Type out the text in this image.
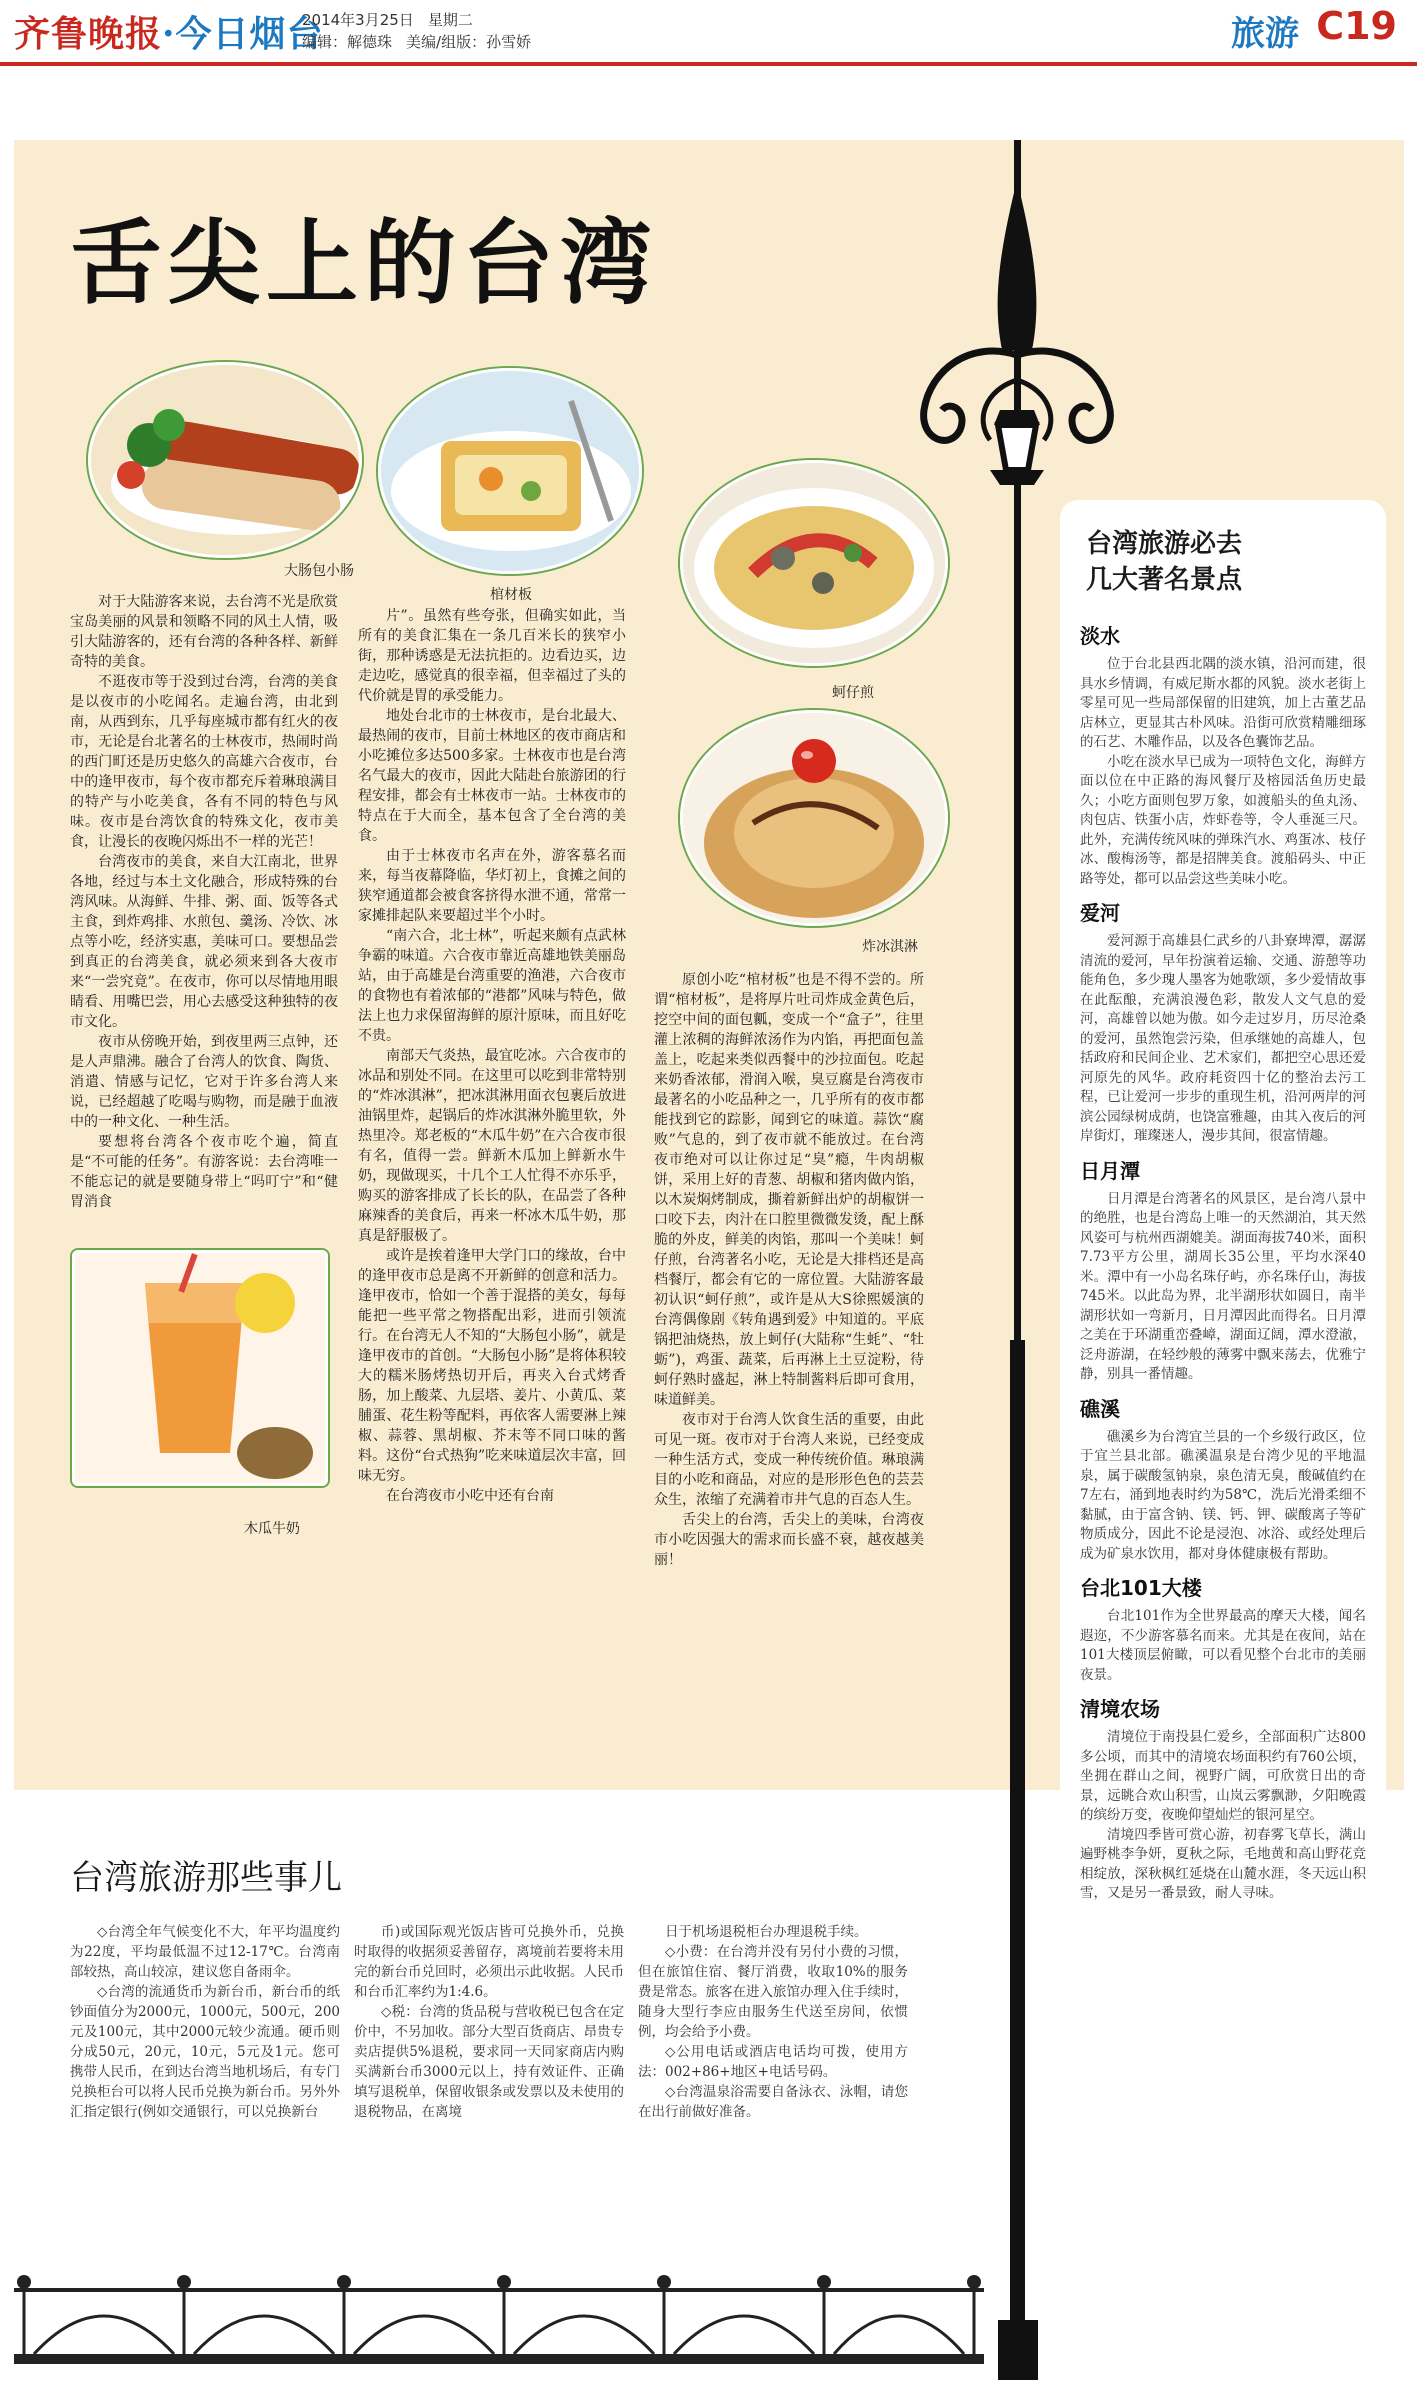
齐鲁晚报·今日烟台
2014年3月25日 星期二
编辑：解德珠 美编/组版：孙雪娇	旅游 C19
舌尖上的台湾
大肠包小肠
棺材板
蚵仔煎
炸冰淇淋

对于大陆游客来说，去台湾不光是欣赏宝岛美丽的风景和领略不同的风土人情，吸引大陆游客的，还有台湾的各种各样、新鲜奇特的美食。

不逛夜市等于没到过台湾，台湾的美食是以夜市的小吃闻名。走遍台湾，由北到南，从西到东，几乎每座城市都有红火的夜市，无论是台北著名的士林夜市，热闹时尚的西门町还是历史悠久的高雄六合夜市，台中的逢甲夜市，每个夜市都充斥着琳琅满目的特产与小吃美食，各有不同的特色与风味。夜市是台湾饮食的特殊文化，夜市美食，让漫长的夜晚闪烁出不一样的光芒！

台湾夜市的美食，来自大江南北，世界各地，经过与本土文化融合，形成特殊的台湾风味。从海鲜、牛排、粥、面、饭等各式主食，到炸鸡排、水煎包、羹汤、冷饮、冰点等小吃，经济实惠，美味可口。要想品尝到真正的台湾美食，就必须来到各大夜市来“一尝究竟”。在夜市，你可以尽情地用眼睛看、用嘴巴尝，用心去感受这种独特的夜市文化。

夜市从傍晚开始，到夜里两三点钟，还是人声鼎沸。融合了台湾人的饮食、陶货、消遣、情感与记忆，它对于许多台湾人来说，已经超越了吃喝与购物，而是融于血液中的一种文化、一种生活。

要想将台湾各个夜市吃个遍，简直是“不可能的任务”。有游客说：去台湾唯一不能忘记的就是要随身带上“吗叮宁”和“健胃消食

木瓜牛奶

片”。虽然有些夸张，但确实如此，当所有的美食汇集在一条几百米长的狭窄小街，那种诱惑是无法抗拒的。边看边买，边走边吃，感觉真的很幸福，但幸福过了头的代价就是胃的承受能力。

地处台北市的士林夜市，是台北最大、最热闹的夜市，目前士林地区的夜市商店和小吃摊位多达500多家。士林夜市也是台湾名气最大的夜市，因此大陆赴台旅游团的行程安排，都会有士林夜市一站。士林夜市的特点在于大而全，基本包含了全台湾的美食。

由于士林夜市名声在外，游客慕名而来，每当夜幕降临，华灯初上，食摊之间的狭窄通道都会被食客挤得水泄不通，常常一家摊排起队来要超过半个小时。

“南六合，北士林”，听起来颇有点武林争霸的味道。六合夜市靠近高雄地铁美丽岛站，由于高雄是台湾重要的渔港，六合夜市的食物也有着浓郁的“港都”风味与特色，做法上也力求保留海鲜的原汁原味，而且好吃不贵。

南部天气炎热，最宜吃冰。六合夜市的冰品和别处不同。在这里可以吃到非常特别的“炸冰淇淋”，把冰淇淋用面衣包裹后放进油锅里炸，起锅后的炸冰淇淋外脆里软，外热里冷。郑老板的“木瓜牛奶”在六合夜市很有名，值得一尝。鲜新木瓜加上鲜新水牛奶，现做现买，十几个工人忙得不亦乐乎，购买的游客排成了长长的队，在品尝了各种麻辣香的美食后，再来一杯冰木瓜牛奶，那真是舒服极了。

或许是挨着逢甲大学门口的缘故，台中的逢甲夜市总是离不开新鲜的创意和活力。逢甲夜市，恰如一个善于混搭的美女，每每能把一些平常之物搭配出彩，进而引领流行。在台湾无人不知的“大肠包小肠”，就是逢甲夜市的首创。“大肠包小肠”是将体积较大的糯米肠烤热切开后，再夹入台式烤香肠，加上酸菜、九层塔、姜片、小黄瓜、菜脯蛋、花生粉等配料，再依客人需要淋上辣椒、蒜蓉、黑胡椒、芥末等不同口味的酱料。这份“台式热狗”吃来味道层次丰富，回味无穷。

在台湾夜市小吃中还有台南

原创小吃“棺材板”也是不得不尝的。所谓“棺材板”，是将厚片吐司炸成金黄色后，挖空中间的面包瓤，变成一个“盒子”，往里灌上浓稠的海鲜浓汤作为内馅，再把面包盖盖上，吃起来类似西餐中的沙拉面包。吃起来奶香浓郁，滑润入喉，臭豆腐是台湾夜市最著名的小吃品种之一，几乎所有的夜市都能找到它的踪影，闻到它的味道。蒜饮“腐败”气息的，到了夜市就不能放过。在台湾夜市绝对可以让你过足“臭”瘾，牛肉胡椒饼，采用上好的青葱、胡椒和猪肉做内馅，以木炭焖烤制成，撕着新鲜出炉的胡椒饼一口咬下去，肉汁在口腔里微微发烫，配上酥脆的外皮，鲜美的肉馅，那叫一个美味！蚵仔煎，台湾著名小吃，无论是大排档还是高档餐厅，都会有它的一席位置。大陆游客最初认识“蚵仔煎”，或许是从大S徐熙媛演的台湾偶像剧《转角遇到爱》中知道的。平底锅把油烧热，放上蚵仔(大陆称“生蚝”、“牡蛎”)，鸡蛋、蔬菜，后再淋上土豆淀粉，待蚵仔熟时盛起，淋上特制酱料后即可食用，味道鲜美。

夜市对于台湾人饮食生活的重要，由此可见一斑。夜市对于台湾人来说，已经变成一种生活方式，变成一种传统价值。琳琅满目的小吃和商品，对应的是形形色色的芸芸众生，浓缩了充满着市井气息的百态人生。

舌尖上的台湾，舌尖上的美味，台湾夜市小吃因强大的需求而长盛不衰，越夜越美丽！

台湾旅游必去
几大著名景点
淡水

位于台北县西北隅的淡水镇，沿河而建，很具水乡情调，有威尼斯水都的风貌。淡水老街上零星可见一些局部保留的旧建筑，加上古董艺品店林立，更显其古朴风味。沿街可欣赏精雕细琢的石艺、木雕作品，以及各色囊饰艺品。

小吃在淡水早已成为一项特色文化，海鲜方面以位在中正路的海风餐厅及榕园活鱼历史最久；小吃方面则包罗万象，如渡船头的鱼丸汤、肉包店、铁蛋小店，炸虾卷等，令人垂涎三尺。此外，充满传统风味的弹珠汽水、鸡蛋冰、枝仔冰、酸梅汤等，都是招牌美食。渡船码头、中正路等处，都可以品尝这些美味小吃。

爱河

爱河源于高雄县仁武乡的八卦寮埤潭，潺潺清流的爱河，早年扮演着运输、交通、游憩等功能角色，多少瑰人墨客为她歌颂，多少爱情故事在此酝酿，充满浪漫色彩，散发人文气息的爱河，高雄曾以她为傲。如今走过岁月，历尽沧桑的爱河，虽然饱尝污染，但承继她的高雄人，包括政府和民间企业、艺术家们，都把空心思还爱河原先的风华。政府耗资四十亿的整治去污工程，已让爱河一步步的重现生机，沿河两岸的河滨公园绿树成荫，也饶富雅趣，由其入夜后的河岸街灯，璀璨迷人，漫步其间，很富情趣。

日月潭

日月潭是台湾著名的风景区，是台湾八景中的绝胜，也是台湾岛上唯一的天然湖泊，其天然风姿可与杭州西湖媲美。湖面海拔740米，面积7.73平方公里，湖周长35公里，平均水深40米。潭中有一小岛名珠仔屿，亦名珠仔山，海拔745米。以此岛为界，北半湖形状如圆日，南半湖形状如一弯新月，日月潭因此而得名。日月潭之美在于环湖重峦叠嶂，湖面辽阔，潭水澄澈，泛舟游湖，在轻纱般的薄雾中飘来荡去，优雅宁静，别具一番情趣。

礁溪

礁溪乡为台湾宜兰县的一个乡级行政区，位于宜兰县北部。礁溪温泉是台湾少见的平地温泉，属于碳酸氢钠泉，泉色清无臭，酸碱值约在7左右，涌到地表时约为58℃，洗后光滑柔细不黏腻，由于富含钠、镁、钙、钾、碳酸离子等矿物质成分，因此不论是浸泡、冰浴、或经处理后成为矿泉水饮用，都对身体健康极有帮助。

台北101大楼

台北101作为全世界最高的摩天大楼，闻名遐迩，不少游客慕名而来。尤其是在夜间，站在101大楼顶层俯瞰，可以看见整个台北市的美丽夜景。

清境农场

清境位于南投县仁爱乡，全部面积广达800多公顷，而其中的清境农场面积约有760公顷，坐拥在群山之间，视野广阔，可欣赏日出的奇景，远眺合欢山积雪，山岚云雾飘渺，夕阳晚霞的缤纷万变，夜晚仰望灿烂的银河星空。

清境四季皆可赏心游，初春雾飞草长，满山遍野桃李争妍，夏秋之际，毛地黄和高山野花竞相绽放，深秋枫红延烧在山麓水涯，冬天远山积雪，又是另一番景致，耐人寻味。

台湾旅游那些事儿

◇台湾全年气候变化不大，年平均温度约为22度，平均最低温不过12-17℃。台湾南部较热，高山较凉，建议您自备雨伞。

◇台湾的流通货币为新台币，新台币的纸钞面值分为2000元，1000元，500元，200元及100元，其中2000元较少流通。硬币则分成50元，20元，10元，5元及1元。您可携带人民币，在到达台湾当地机场后，有专门兑换柜台可以将人民币兑换为新台币。另外外汇指定银行(例如交通银行，可以兑换新台

币)或国际观光饭店皆可兑换外币，兑换时取得的收据须妥善留存，离境前若要将未用完的新台币兑回时，必须出示此收据。人民币和台币汇率约为1:4.6。

◇税：台湾的货品税与营收税已包含在定价中，不另加收。部分大型百货商店、昂贵专卖店提供5%退税，要求同一天同家商店内购买满新台币3000元以上，持有效证件、正确填写退税单，保留收银条或发票以及未使用的退税物品，在离境

日于机场退税柜台办理退税手续。

◇小费：在台湾并没有另付小费的习惯，但在旅馆住宿、餐厅消费，收取10%的服务费是常态。旅客在进入旅馆办理入住手续时，随身大型行李应由服务生代送至房间，依惯例，均会给予小费。

◇公用电话或酒店电话均可拨，使用方法：002+86+地区+电话号码。

◇台湾温泉浴需要自备泳衣、泳帽，请您在出行前做好准备。
